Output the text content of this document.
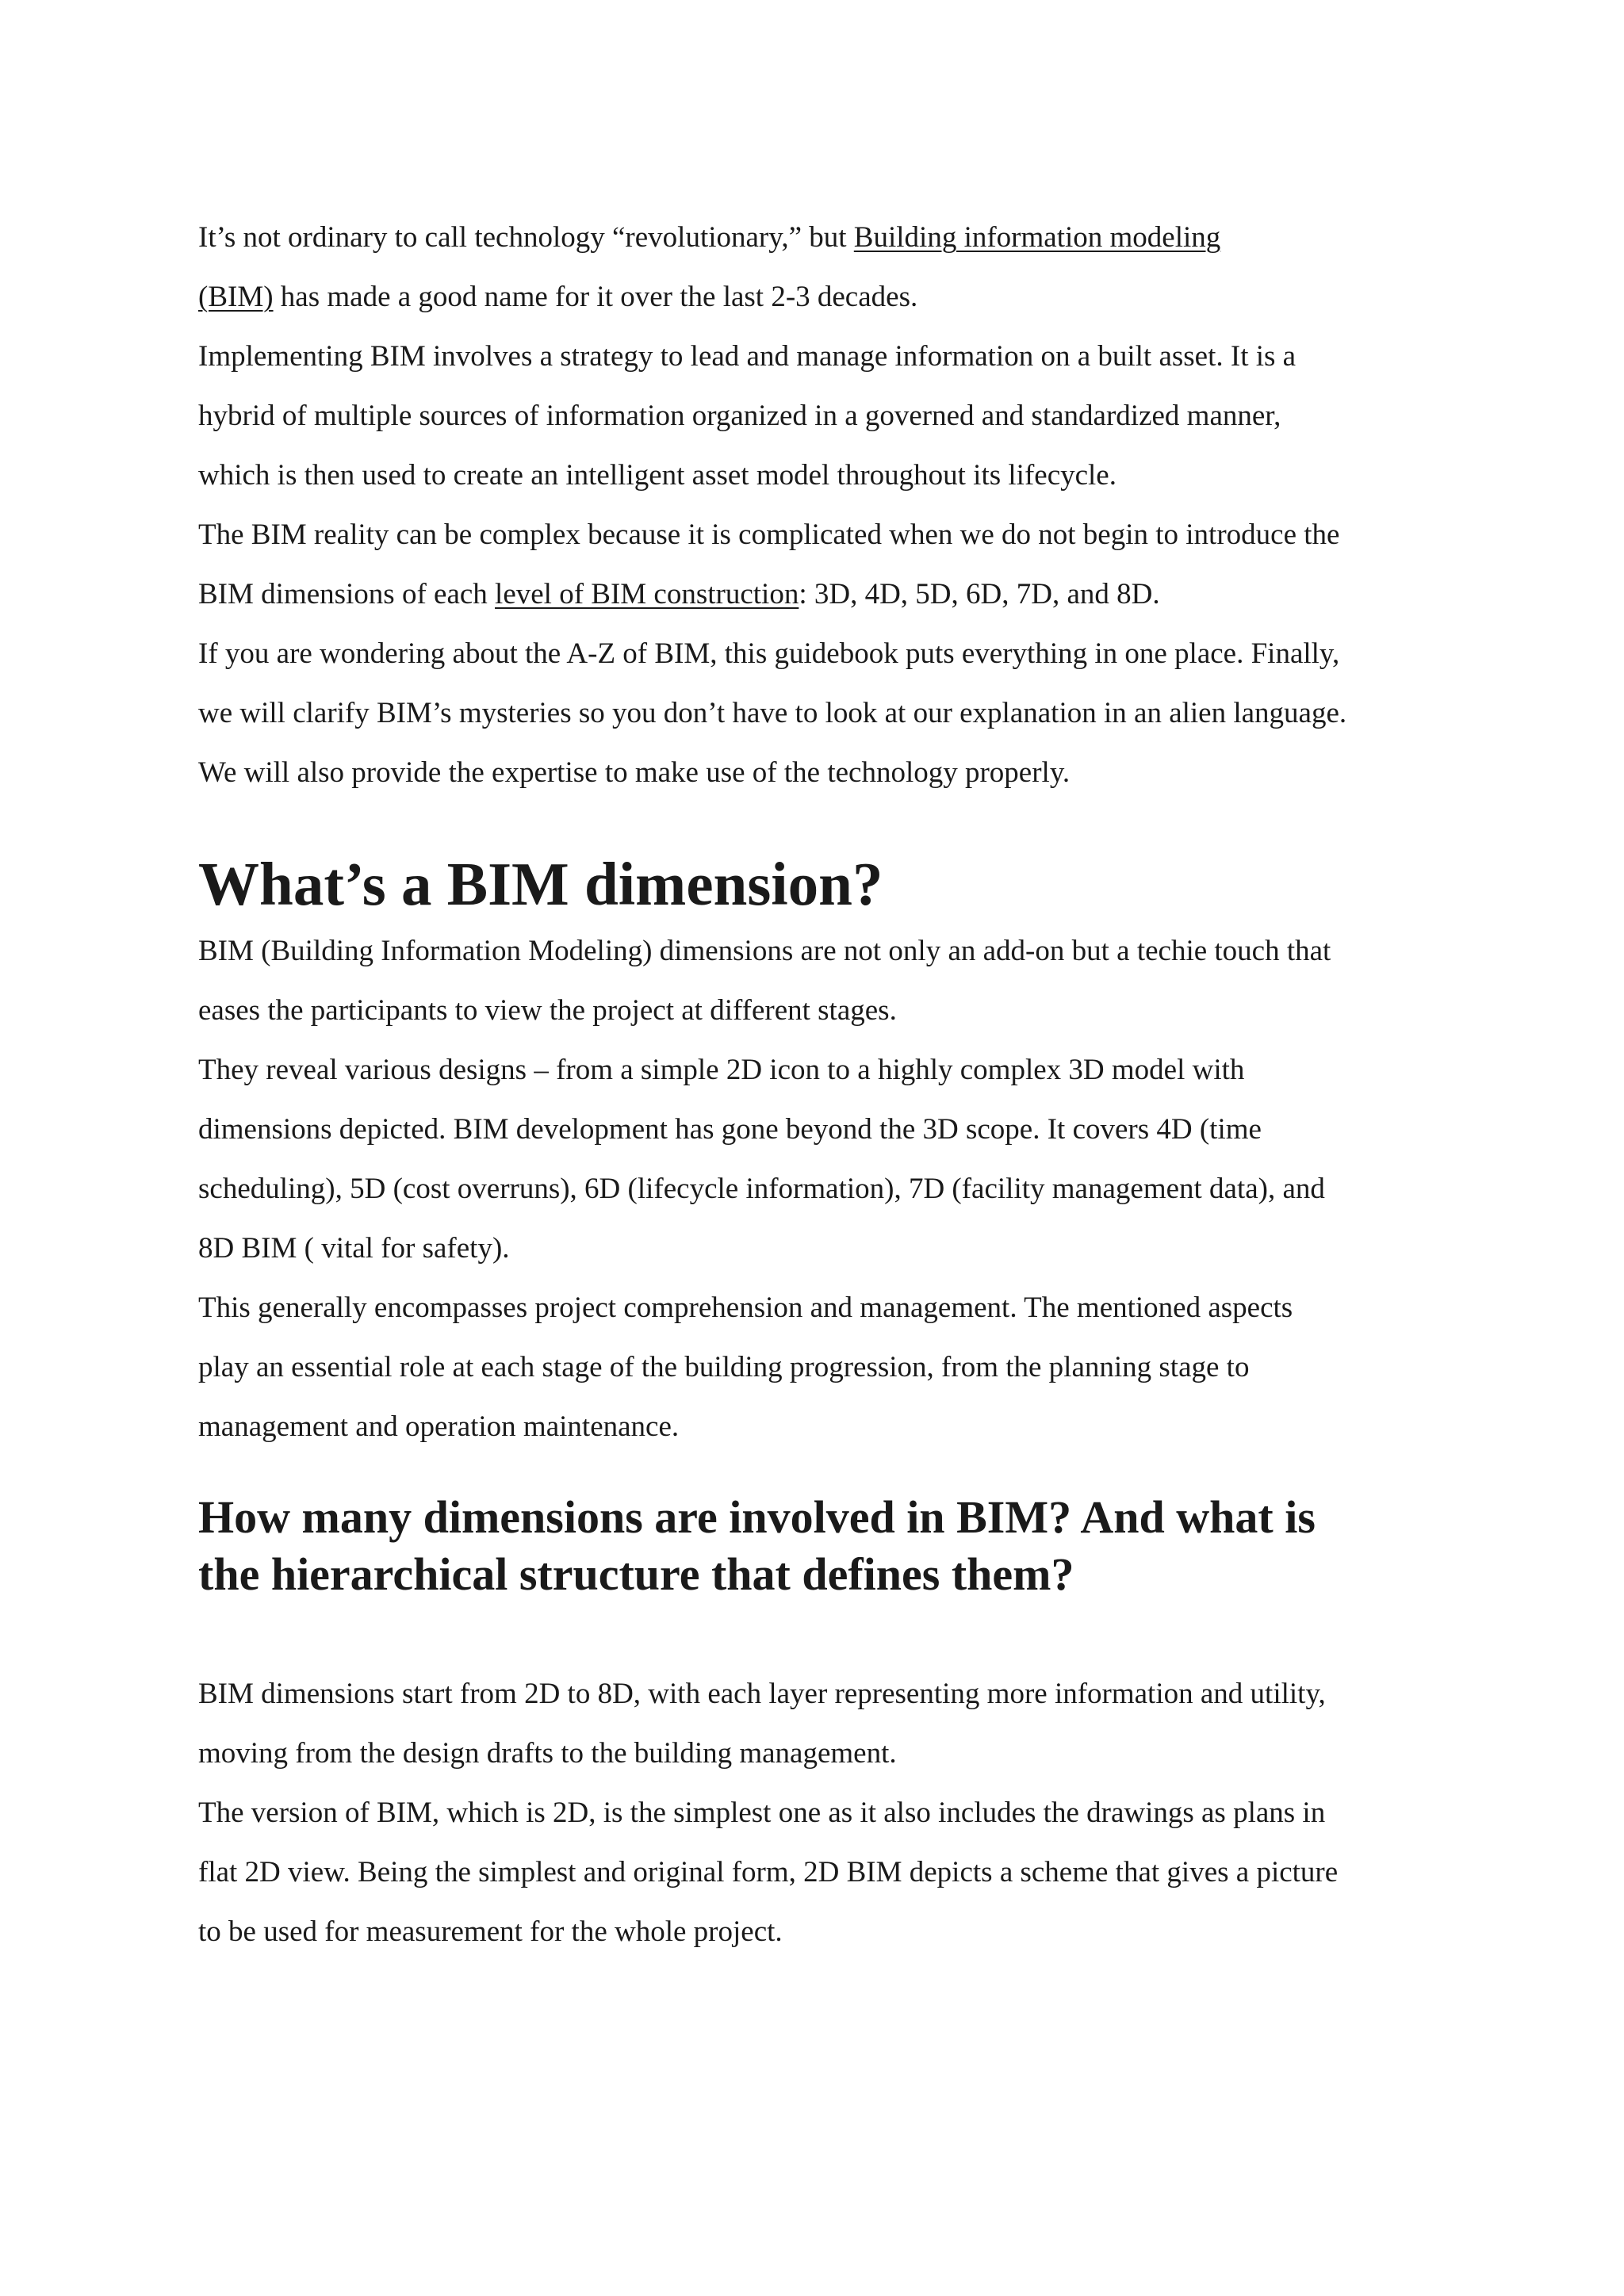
It’s not ordinary to call technology “revolutionary,” but Building information modeling

(BIM) has made a good name for it over the last 2-3 decades.

Implementing BIM involves a strategy to lead and manage information on a built asset. It is a

hybrid of multiple sources of information organized in a governed and standardized manner,

which is then used to create an intelligent asset model throughout its lifecycle.

The BIM reality can be complex because it is complicated when we do not begin to introduce the

BIM dimensions of each level of BIM construction: 3D, 4D, 5D, 6D, 7D, and 8D.

If you are wondering about the A-Z of BIM, this guidebook puts everything in one place. Finally,

we will clarify BIM’s mysteries so you don’t have to look at our explanation in an alien language.

We will also provide the expertise to make use of the technology properly.

What’s a BIM dimension?

BIM (Building Information Modeling) dimensions are not only an add-on but a techie touch that

eases the participants to view the project at different stages.

They reveal various designs – from a simple 2D icon to a highly complex 3D model with

dimensions depicted. BIM development has gone beyond the 3D scope. It covers 4D (time

scheduling), 5D (cost overruns), 6D (lifecycle information), 7D (facility management data), and

8D BIM ( vital for safety).

This generally encompasses project comprehension and management. The mentioned aspects

play an essential role at each stage of the building progression, from the planning stage to

management and operation maintenance.

How many dimensions are involved in BIM? And what is
the hierarchical structure that defines them?

BIM dimensions start from 2D to 8D, with each layer representing more information and utility,

moving from the design drafts to the building management.

The version of BIM, which is 2D, is the simplest one as it also includes the drawings as plans in

flat 2D view. Being the simplest and original form, 2D BIM depicts a scheme that gives a picture

to be used for measurement for the whole project.
